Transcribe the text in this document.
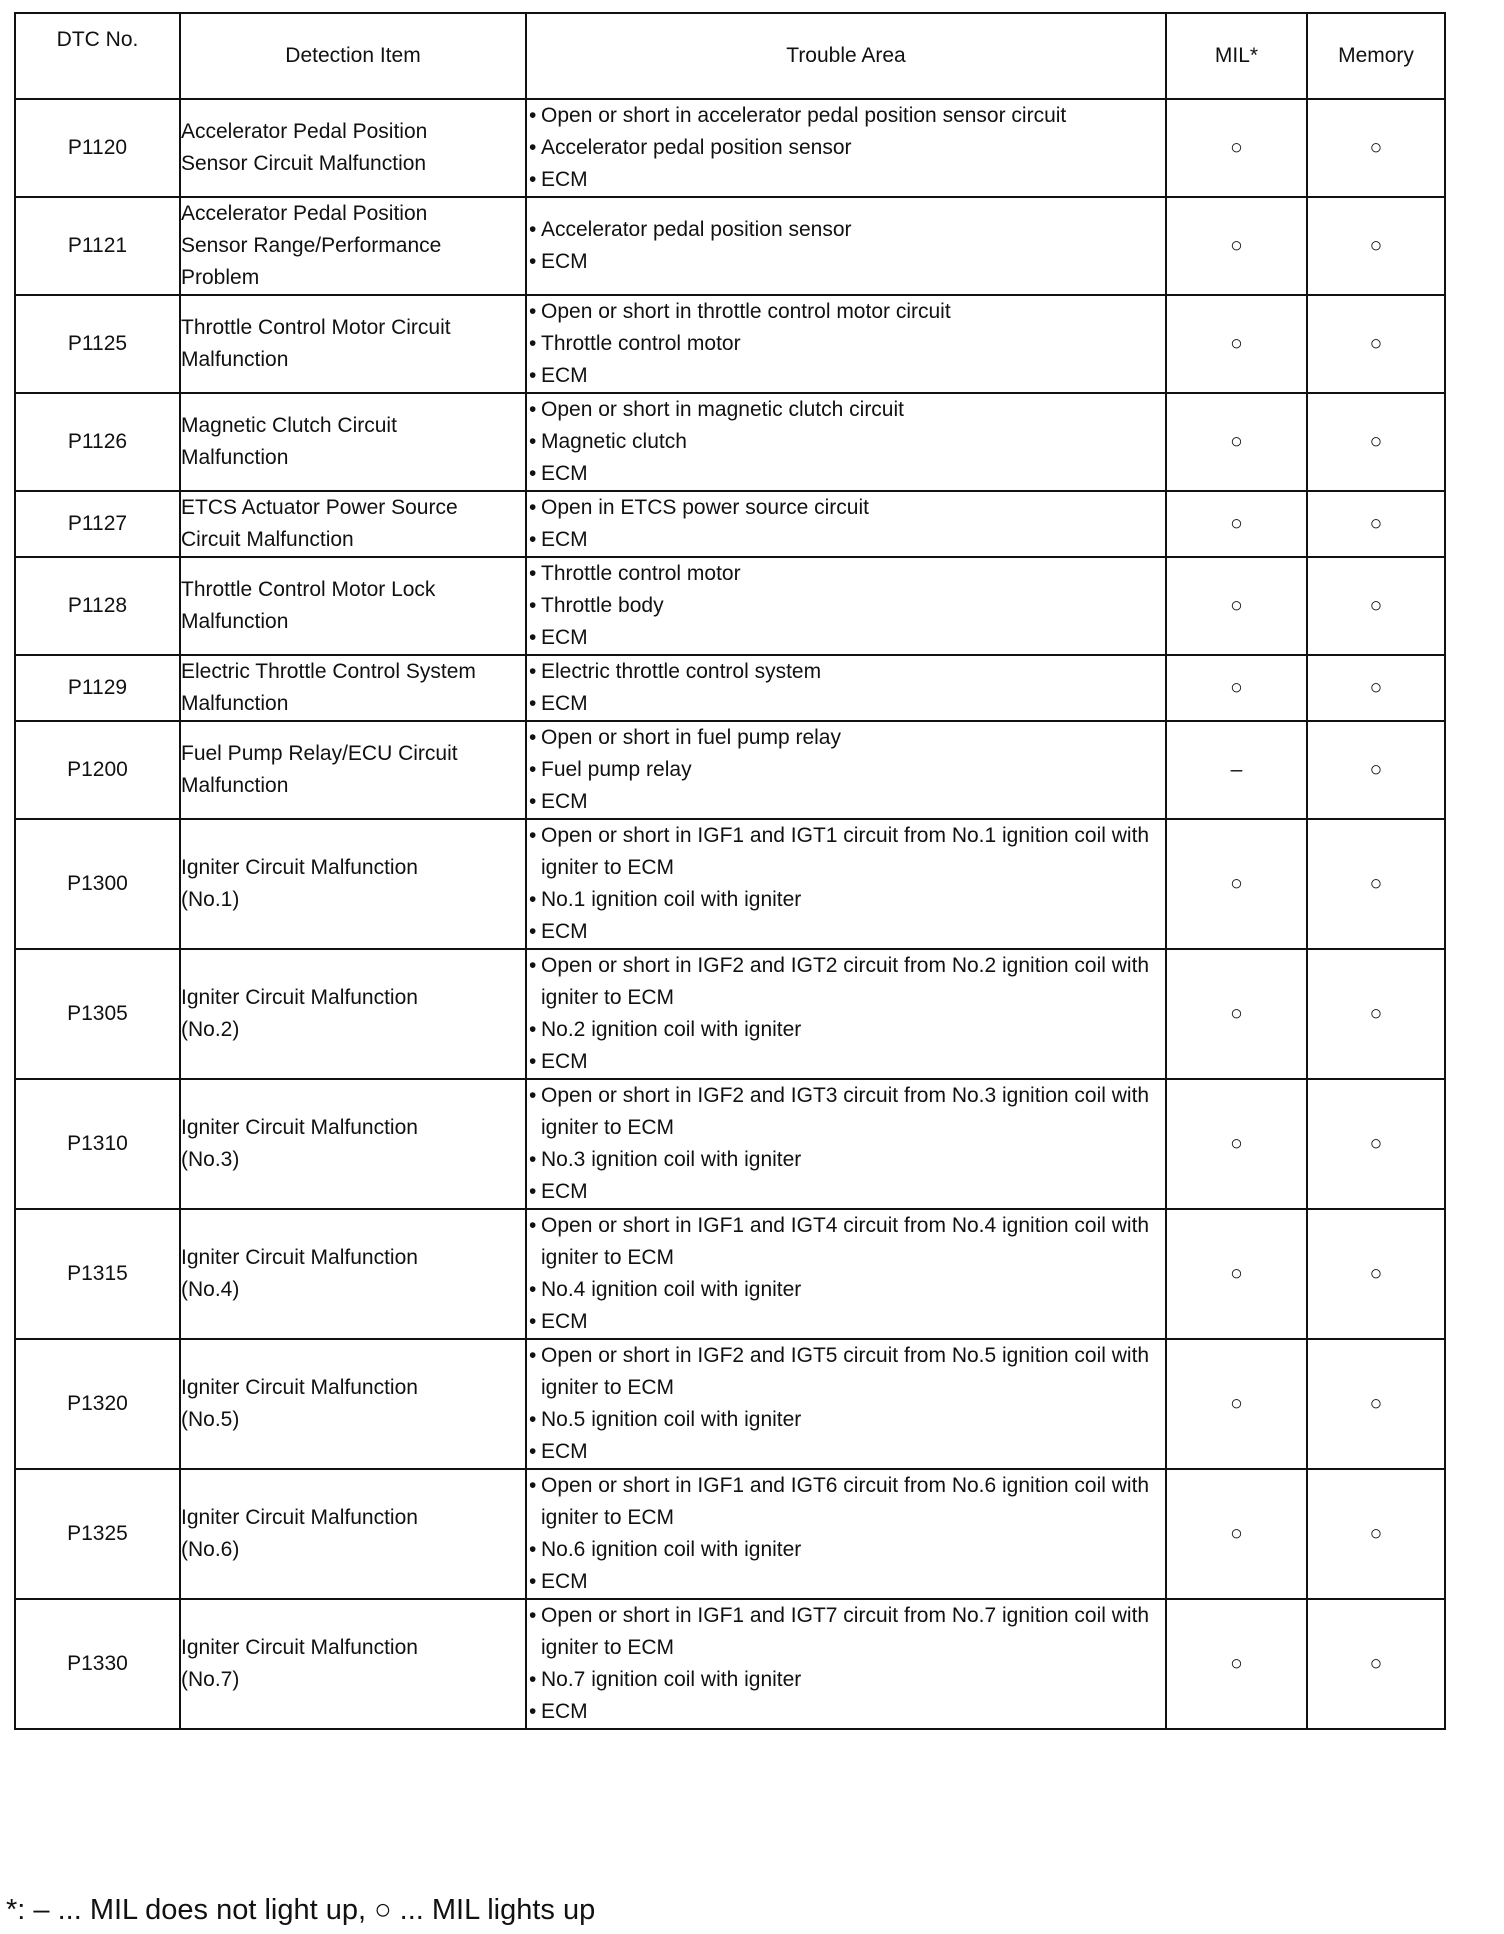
DTC No.	Detection Item	Trouble Area	MIL*	Memory
P1120	Accelerator Pedal Position
Sensor Circuit Malfunction	• Open or short in accelerator pedal position sensor circuit
• Accelerator pedal position sensor
• ECM	○	○
P1121	Accelerator Pedal Position
Sensor Range/Performance
Problem	• Accelerator pedal position sensor
• ECM	○	○
P1125	Throttle Control Motor Circuit
Malfunction	• Open or short in throttle control motor circuit
• Throttle control motor
• ECM	○	○
P1126	Magnetic Clutch Circuit
Malfunction	• Open or short in magnetic clutch circuit
• Magnetic clutch
• ECM	○	○
P1127	ETCS Actuator Power Source
Circuit Malfunction	• Open in ETCS power source circuit
• ECM	○	○
P1128	Throttle Control Motor Lock
Malfunction	• Throttle control motor
• Throttle body
• ECM	○	○
P1129	Electric Throttle Control System
Malfunction	• Electric throttle control system
• ECM	○	○
P1200	Fuel Pump Relay/ECU Circuit
Malfunction	• Open or short in fuel pump relay
• Fuel pump relay
• ECM	–	○
P1300	Igniter Circuit Malfunction
(No.1)	• Open or short in IGF1 and IGT1 circuit from No.1 ignition coil with igniter to ECM
• No.1 ignition coil with igniter
• ECM	○	○
P1305	Igniter Circuit Malfunction
(No.2)	• Open or short in IGF2 and IGT2 circuit from No.2 ignition coil with igniter to ECM
• No.2 ignition coil with igniter
• ECM	○	○
P1310	Igniter Circuit Malfunction
(No.3)	• Open or short in IGF2 and IGT3 circuit from No.3 ignition coil with igniter to ECM
• No.3 ignition coil with igniter
• ECM	○	○
P1315	Igniter Circuit Malfunction
(No.4)	• Open or short in IGF1 and IGT4 circuit from No.4 ignition coil with igniter to ECM
• No.4 ignition coil with igniter
• ECM	○	○
P1320	Igniter Circuit Malfunction
(No.5)	• Open or short in IGF2 and IGT5 circuit from No.5 ignition coil with igniter to ECM
• No.5 ignition coil with igniter
• ECM	○	○
P1325	Igniter Circuit Malfunction
(No.6)	• Open or short in IGF1 and IGT6 circuit from No.6 ignition coil with igniter to ECM
• No.6 ignition coil with igniter
• ECM	○	○
P1330	Igniter Circuit Malfunction
(No.7)	• Open or short in IGF1 and IGT7 circuit from No.7 ignition coil with igniter to ECM
• No.7 ignition coil with igniter
• ECM	○	○
*: – ... MIL does not light up, ○ ... MIL lights up
